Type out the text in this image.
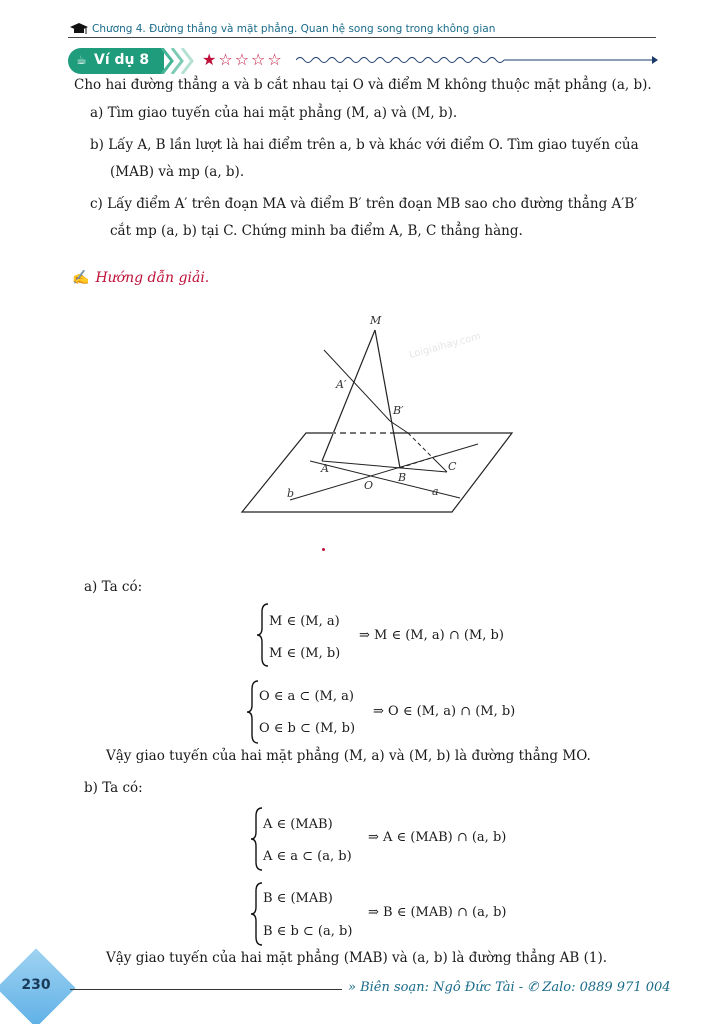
Chương 4. Đường thẳng và mặt phẳng. Quan hệ song song trong không gian
☕ Ví dụ 8	★☆☆☆☆
Cho hai đường thẳng a và b cắt nhau tại O và điểm M không thuộc mặt phẳng (a, b).
a) Tìm giao tuyến của hai mặt phẳng (M, a) và (M, b).
b) Lấy A, B lần lượt là hai điểm trên a, b và khác với điểm O. Tìm giao tuyến của
(MAB) và mp (a, b).
c) Lấy điểm A′ trên đoạn MA và điểm B′ trên đoạn MB sao cho đường thẳng A′B′
cắt mp (a, b) tại C. Chứng minh ba điểm A, B, C thẳng hàng.
✍ Hướng dẫn giải.
Loigiaihay.com
M
A′
B′
A
B
C
O	a
b
a) Ta có:
M ∈ (M, a)
M ∈ (M, b)
⇒ M ∈ (M, a) ∩ (M, b)
O ∈ a ⊂ (M, a)
O ∈ b ⊂ (M, b)
⇒ O ∈ (M, a) ∩ (M, b)
Vậy giao tuyến của hai mặt phẳng (M, a) và (M, b) là đường thẳng MO.
b) Ta có:
A ∈ (MAB)
A ∈ a ⊂ (a, b)
⇒ A ∈ (MAB) ∩ (a, b)
B ∈ (MAB)
B ∈ b ⊂ (a, b)
⇒ B ∈ (MAB) ∩ (a, b)
Vậy giao tuyến của hai mặt phẳng (MAB) và (a, b) là đường thẳng AB (1).
230	» Biên soạn: Ngô Đức Tài - ✆ Zalo: 0889 971 004
